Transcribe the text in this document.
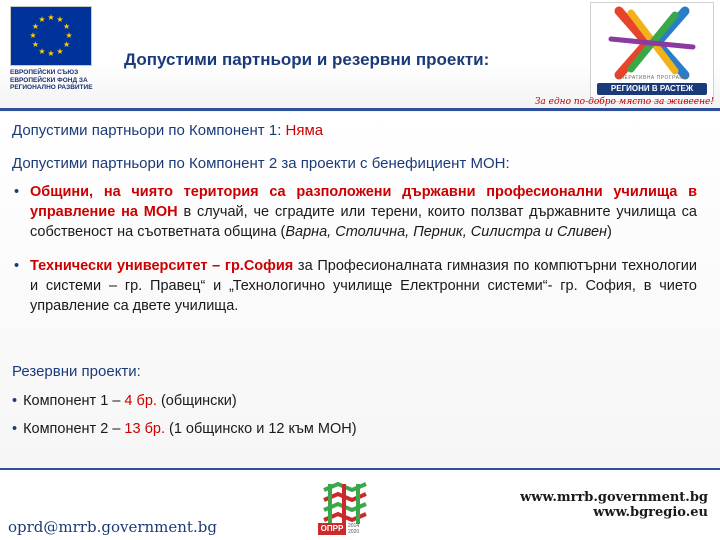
★ ★
★
★
★
★
★
★
★
★
★
★
ЕВРОПЕЙСКИ СЪЮЗ
ЕВРОПЕЙСКИ ФОНД ЗА
РЕГИОНАЛНО РАЗВИТИЕ
Допустими партньори и резервни проекти:
ОПЕРАТИВНА ПРОГРАМА
РЕГИОНИ В РАСТЕЖ
За едно по-добро място за живеене!
Допустими партньори по Компонент 1: Няма
Допустими партньори по Компонент 2 за проекти с бенефициент МОН:
• Общини, на чиято територия са разположени държавни професионални училища в управление на МОН в случай, че сградите или терени, които ползват държавните училища са собственост на съответната община (Варна, Столична, Перник, Силистра и Сливен)
• Технически университет – гр.София за Професионалната гимназия по компютърни технологии и системи – гр. Правец“ и „Технологично училище Електронни системи“- гр. София, в чието управление са двете училища.
Резервни проекти:
• Компонент 1 – 4 бр. (общински)
• Компонент 2 – 13 бр. (1 общинско и 12 към МОН)
oprd@mrrb.government.bg	ОПРР 2014
2020
www.mrrb.government.bg
www.bgregio.eu
